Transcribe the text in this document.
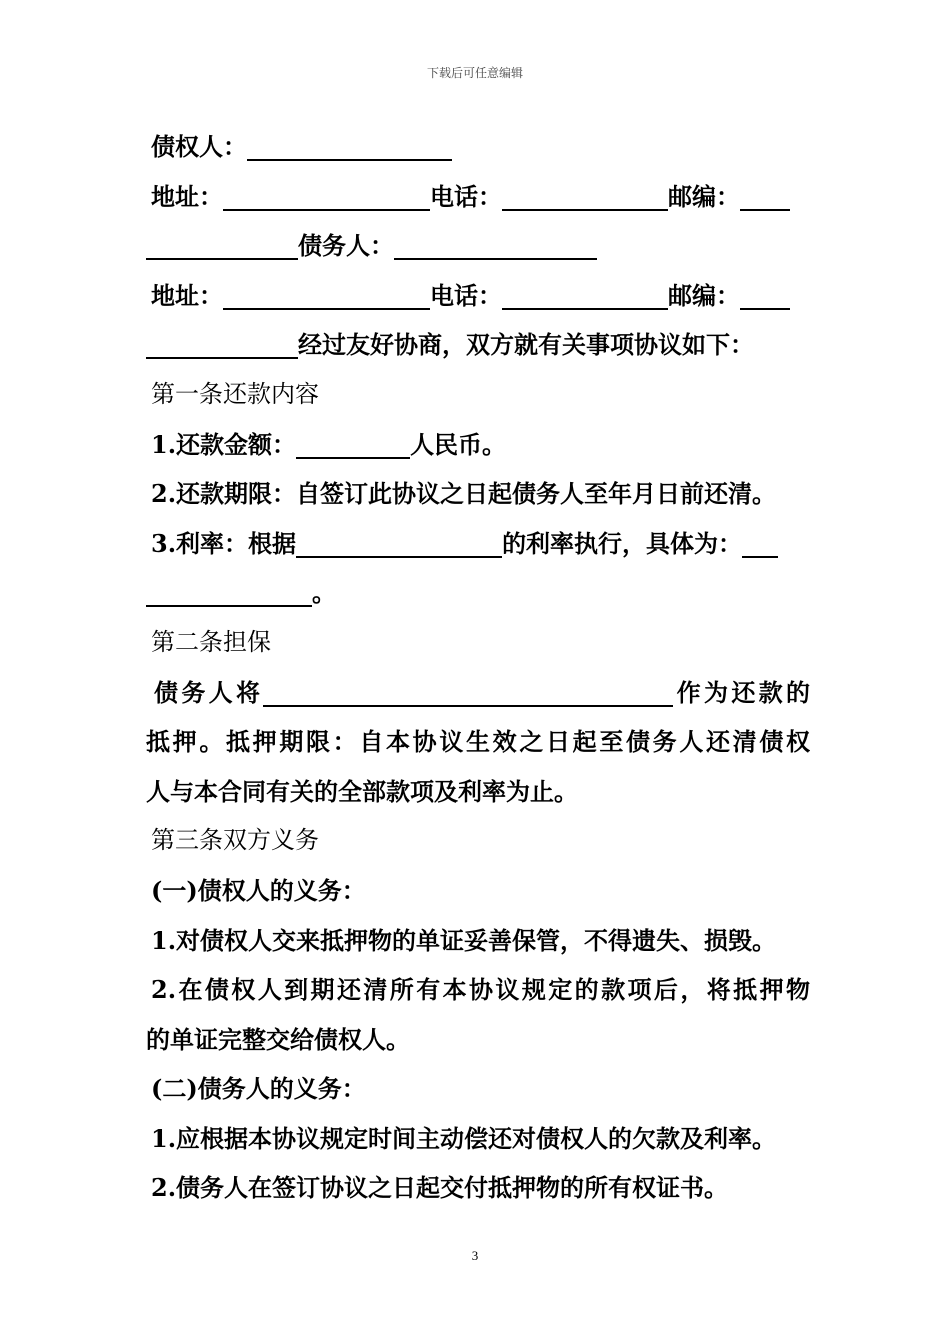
下载后可任意编辑
债权人：
地址：	电话：	邮编：
债务人：
地址：	电话：	邮编：
经过友好协商，双方就有关事项协议如下：
第一条还款内容
1.还款金额：	人民币。
2.还款期限：自签订此协议之日起债务人至年月日前还清。
3.利率：根据	的利率执行，具体为：
。
第二条担保
债务人将	作为还款的
抵押。抵押期限：自本协议生效之日起至债务人还清债权
人与本合同有关的全部款项及利率为止。
第三条双方义务
(一)债权人的义务：
1.对债权人交来抵押物的单证妥善保管，不得遗失、损毁。
2.在债权人到期还清所有本协议规定的款项后，将抵押物
的单证完整交给债权人。
(二)债务人的义务：
1.应根据本协议规定时间主动偿还对债权人的欠款及利率。
2.债务人在签订协议之日起交付抵押物的所有权证书。
3
